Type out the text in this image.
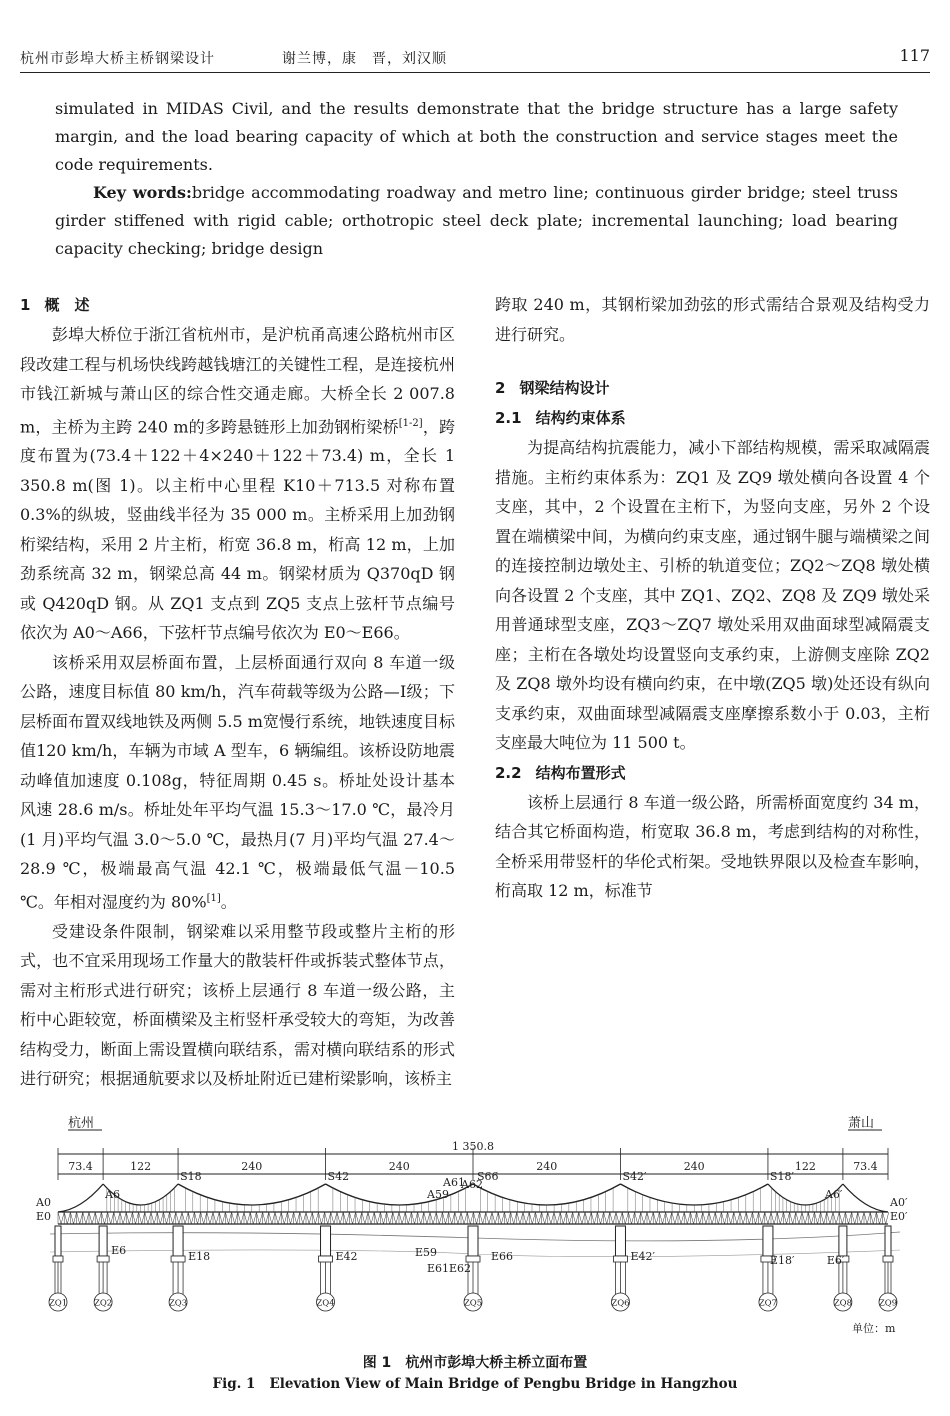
杭州市彭埠大桥主桥钢梁设计	谢兰博，康　晋，刘汉顺	117

simulated in MIDAS Civil, and the results demonstrate that the bridge structure has a large safety margin, and the load bearing capacity of which at both the construction and service stages meet the code requirements.

Key words:bridge accommodating roadway and metro line; continuous girder bridge; steel truss girder stiffened with rigid cable; orthotropic steel deck plate; incremental launching; load bearing capacity checking; bridge design

1 概　述

彭埠大桥位于浙江省杭州市，是沪杭甬高速公路杭州市区段改建工程与机场快线跨越钱塘江的关键性工程，是连接杭州市钱江新城与萧山区的综合性交通走廊。大桥全长 2 007.8 m，主桥为主跨 240 m的多跨悬链形上加劲钢桁梁桥[1-2]，跨度布置为(73.4＋122＋4×240＋122＋73.4) m，全长 1 350.8 m(图 1)。以主桁中心里程 K10＋713.5 对称布置 0.3%的纵坡，竖曲线半径为 35 000 m。主桥采用上加劲钢桁梁结构，采用 2 片主桁，桁宽 36.8 m，桁高 12 m，上加劲系统高 32 m，钢梁总高 44 m。钢梁材质为 Q370qD 钢或 Q420qD 钢。从 ZQ1 支点到 ZQ5 支点上弦杆节点编号依次为 A0～A66，下弦杆节点编号依次为 E0～E66。

该桥采用双层桥面布置，上层桥面通行双向 8 车道一级公路，速度目标值 80 km/h，汽车荷载等级为公路—Ⅰ级；下层桥面布置双线地铁及两侧 5.5 m宽慢行系统，地铁速度目标值120 km/h，车辆为市域 A 型车，6 辆编组。该桥设防地震动峰值加速度 0.108g，特征周期 0.45 s。桥址处设计基本风速 28.6 m/s。桥址处年平均气温 15.3～17.0 ℃，最冷月(1 月)平均气温 3.0～5.0 ℃，最热月(7 月)平均气温 27.4～28.9 ℃，极端最高气温 42.1 ℃，极端最低气温－10.5 ℃。年相对湿度约为 80%[1]。

受建设条件限制，钢梁难以采用整节段或整片主桁的形式，也不宜采用现场工作量大的散装杆件或拆装式整体节点，需对主桁形式进行研究；该桥上层通行 8 车道一级公路，主桁中心距较宽，桥面横梁及主桁竖杆承受较大的弯矩，为改善结构受力，断面上需设置横向联结系，需对横向联结系的形式进行研究；根据通航要求以及桥址附近已建桁梁影响，该桥主

跨取 240 m，其钢桁梁加劲弦的形式需结合景观及结构受力进行研究。

2 钢梁结构设计
2.1 结构约束体系

为提高结构抗震能力，减小下部结构规模，需采取减隔震措施。主桁约束体系为：ZQ1 及 ZQ9 墩处横向各设置 4 个支座，其中，2 个设置在主桁下，为竖向支座，另外 2 个设置在端横梁中间，为横向约束支座，通过钢牛腿与端横梁之间的连接控制边墩处主、引桥的轨道变位；ZQ2～ZQ8 墩处横向各设置 2 个支座，其中 ZQ1、ZQ2、ZQ8 及 ZQ9 墩处采用普通球型支座，ZQ3～ZQ7 墩处采用双曲面球型减隔震支座；主桁在各墩处均设置竖向支承约束，上游侧支座除 ZQ2 及 ZQ8 墩外均设有横向约束，在中墩(ZQ5 墩)处还设有纵向支承约束，双曲面球型减隔震支座摩擦系数小于 0.03，主桁支座最大吨位为 11 500 t。

2.2 结构布置形式

该桥上层通行 8 车道一级公路，所需桥面宽度约 34 m，结合其它桥面构造，桁宽取 36.8 m，考虑到结构的对称性，全桥采用带竖杆的华伦式桁架。受地铁界限以及检查车影响，桁高取 12 m，标准节

杭州	萧山
1 350.8
73.4	122	240	240	240	240	122	73.4
ZQ1	ZQ2	ZQ3	ZQ4	ZQ5	ZQ6	ZQ7	ZQ8	ZQ9
A0
A6
S18	S42
A59
A61
A62
S66	S42′	S18′
A6′
A0′
E0
E6	E18	E42	E59
E61 E62
E66	E42′	E18′	E6′
E0′
单位：m
图 1 杭州市彭埠大桥主桥立面布置
Fig. 1 Elevation View of Main Bridge of Pengbu Bridge in Hangzhou
